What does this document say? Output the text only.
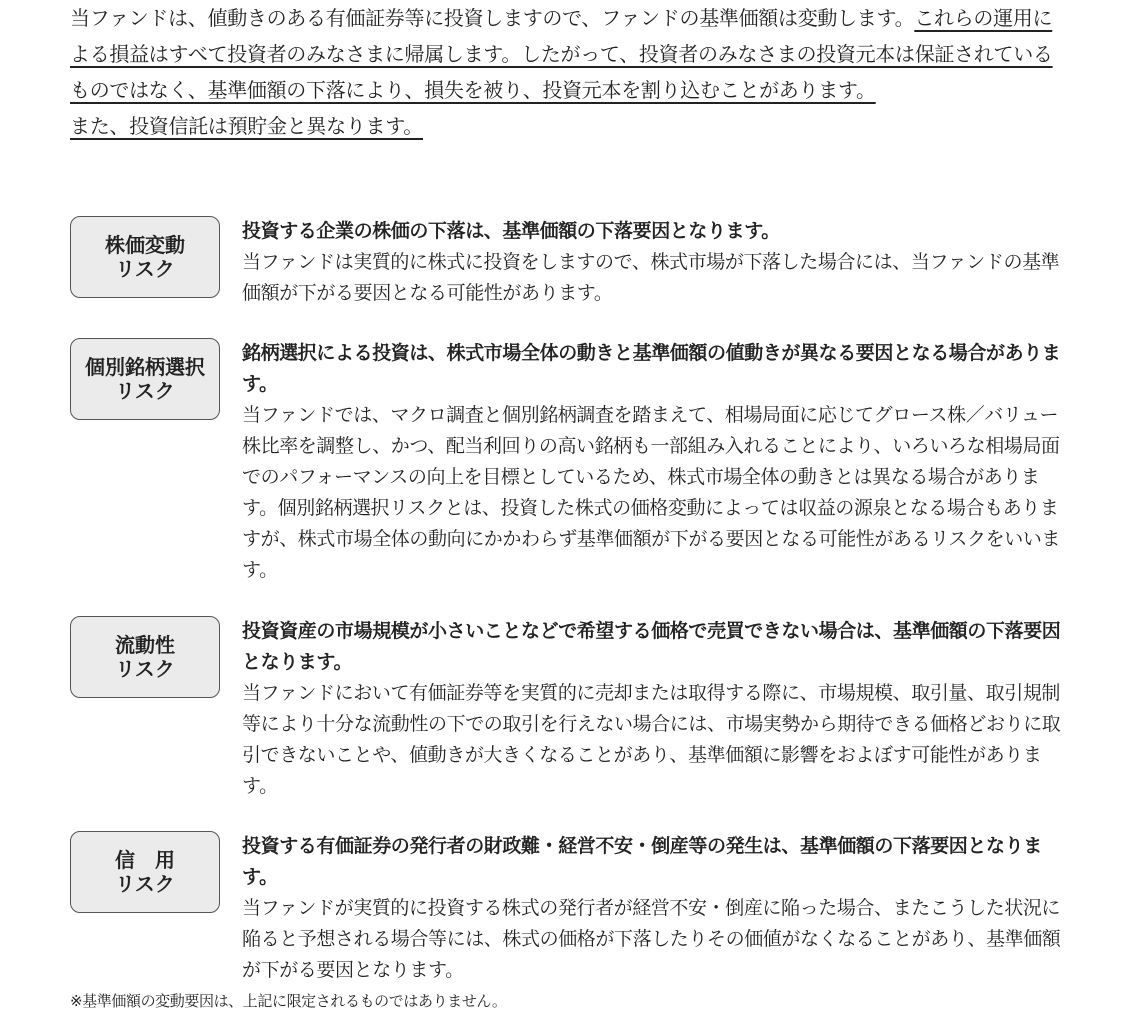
当ファンドは、値動きのある有価証券等に投資しますので、ファンドの基準価額は変動します。これらの運用による損益はすべて投資者のみなさまに帰属します。したがって、投資者のみなさまの投資元本は保証されているものではなく、基準価額の下落により、損失を被り、投資元本を割り込むことがあります。

また、投資信託は預貯金と異なります。

株価変動
リスク
投資する企業の株価の下落は、基準価額の下落要因となります。
当ファンドは実質的に株式に投資をしますので、株式市場が下落した場合には、当ファンドの基準価額が下がる要因となる可能性があります。
個別銘柄選択
リスク
銘柄選択による投資は、株式市場全体の動きと基準価額の値動きが異なる要因となる場合があります。
当ファンドでは、マクロ調査と個別銘柄調査を踏まえて、相場局面に応じてグロース株／バリュー株比率を調整し、かつ、配当利回りの高い銘柄も一部組み入れることにより、いろいろな相場局面でのパフォーマンスの向上を目標としているため、株式市場全体の動きとは異なる場合があります。個別銘柄選択リスクとは、投資した株式の価格変動によっては収益の源泉となる場合もありますが、株式市場全体の動向にかかわらず基準価額が下がる要因となる可能性があるリスクをいいます。
流動性
リスク
投資資産の市場規模が小さいことなどで希望する価格で売買できない場合は、基準価額の下落要因となります。
当ファンドにおいて有価証券等を実質的に売却または取得する際に、市場規模、取引量、取引規制等により十分な流動性の下での取引を行えない場合には、市場実勢から期待できる価格どおりに取引できないことや、値動きが大きくなることがあり、基準価額に影響をおよぼす可能性があります。
信　用
リスク
投資する有価証券の発行者の財政難・経営不安・倒産等の発生は、基準価額の下落要因となります。
当ファンドが実質的に投資する株式の発行者が経営不安・倒産に陥った場合、またこうした状況に陥ると予想される場合等には、株式の価格が下落したりその価値がなくなることがあり、基準価額が下がる要因となります。
※基準価額の変動要因は、上記に限定されるものではありません。
